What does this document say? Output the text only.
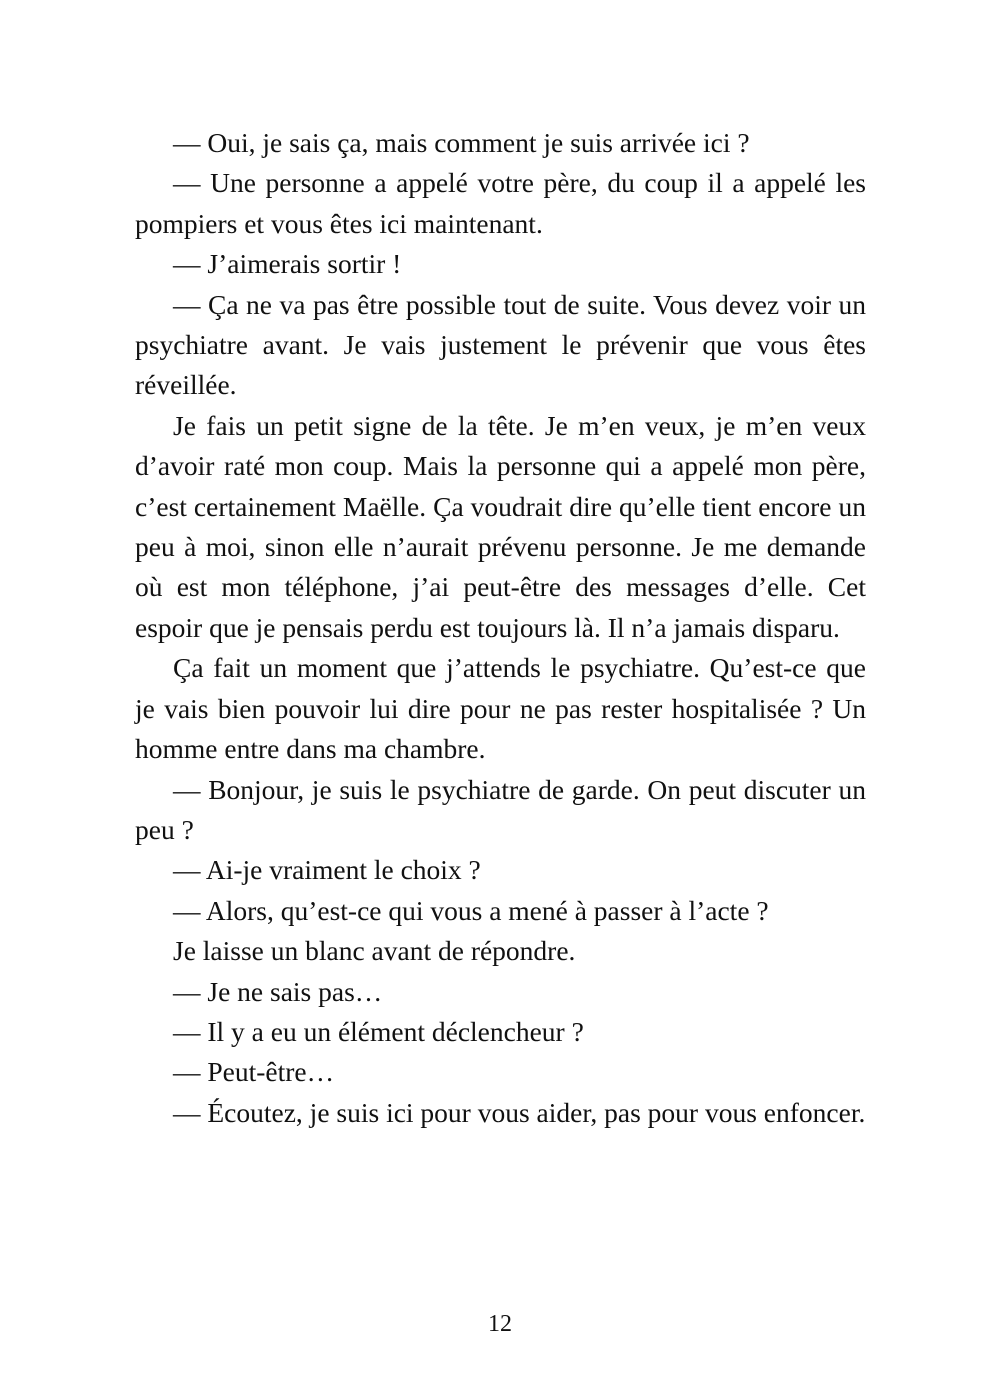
— Oui, je sais ça, mais comment je suis arrivée ici ?

— Une personne a appelé votre père, du coup il a appelé les pompiers et vous êtes ici maintenant.

— J’aimerais sortir !

— Ça ne va pas être possible tout de suite. Vous devez voir un psychiatre avant. Je vais justement le prévenir que vous êtes réveillée.

Je fais un petit signe de la tête. Je m’en veux, je m’en veux d’avoir raté mon coup. Mais la personne qui a appelé mon père, c’est certainement Maëlle. Ça voudrait dire qu’elle tient encore un peu à moi, sinon elle n’aurait prévenu personne. Je me demande où est mon téléphone, j’ai peut-être des messages d’elle. Cet espoir que je pensais perdu est toujours là. Il n’a jamais disparu.

Ça fait un moment que j’attends le psychiatre. Qu’est-ce que je vais bien pouvoir lui dire pour ne pas rester hospitalisée ? Un homme entre dans ma chambre.

— Bonjour, je suis le psychiatre de garde. On peut discuter un peu ?

— Ai-je vraiment le choix ?

— Alors, qu’est-ce qui vous a mené à passer à l’acte ?

Je laisse un blanc avant de répondre.

— Je ne sais pas…

— Il y a eu un élément déclencheur ?

— Peut-être…

— Écoutez, je suis ici pour vous aider, pas pour vous enfoncer.

12
